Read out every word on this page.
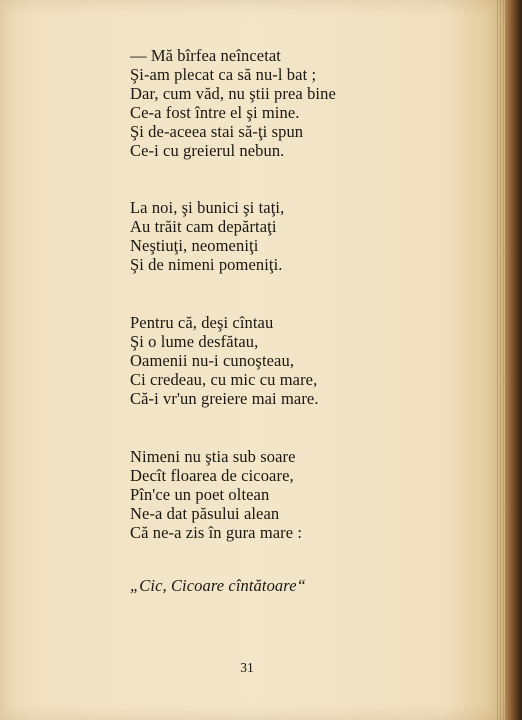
— Mă bîrfea neîncetat
Şi-am plecat ca să nu-l bat ;
Dar, cum văd, nu ştii prea bine
Ce-a fost între el şi mine.
Şi de-aceea stai să-ţi spun
Ce-i cu greierul nebun.
La noi, şi bunici şi taţi,
Au trăit cam depărtaţi
Neştiuţi, neomeniţi
Şi de nimeni pomeniţi.
Pentru că, deşi cîntau
Şi o lume desfătau,
Oamenii nu-i cunoşteau,
Ci credeau, cu mic cu mare,
Că-i vr'un greiere mai mare.
Nimeni nu ştia sub soare
Decît floarea de cicoare,
Pîn'ce un poet oltean
Ne-a dat păsului alean
Că ne-a zis în gura mare :
„Cic, Cicoare cîntătoare“
31
